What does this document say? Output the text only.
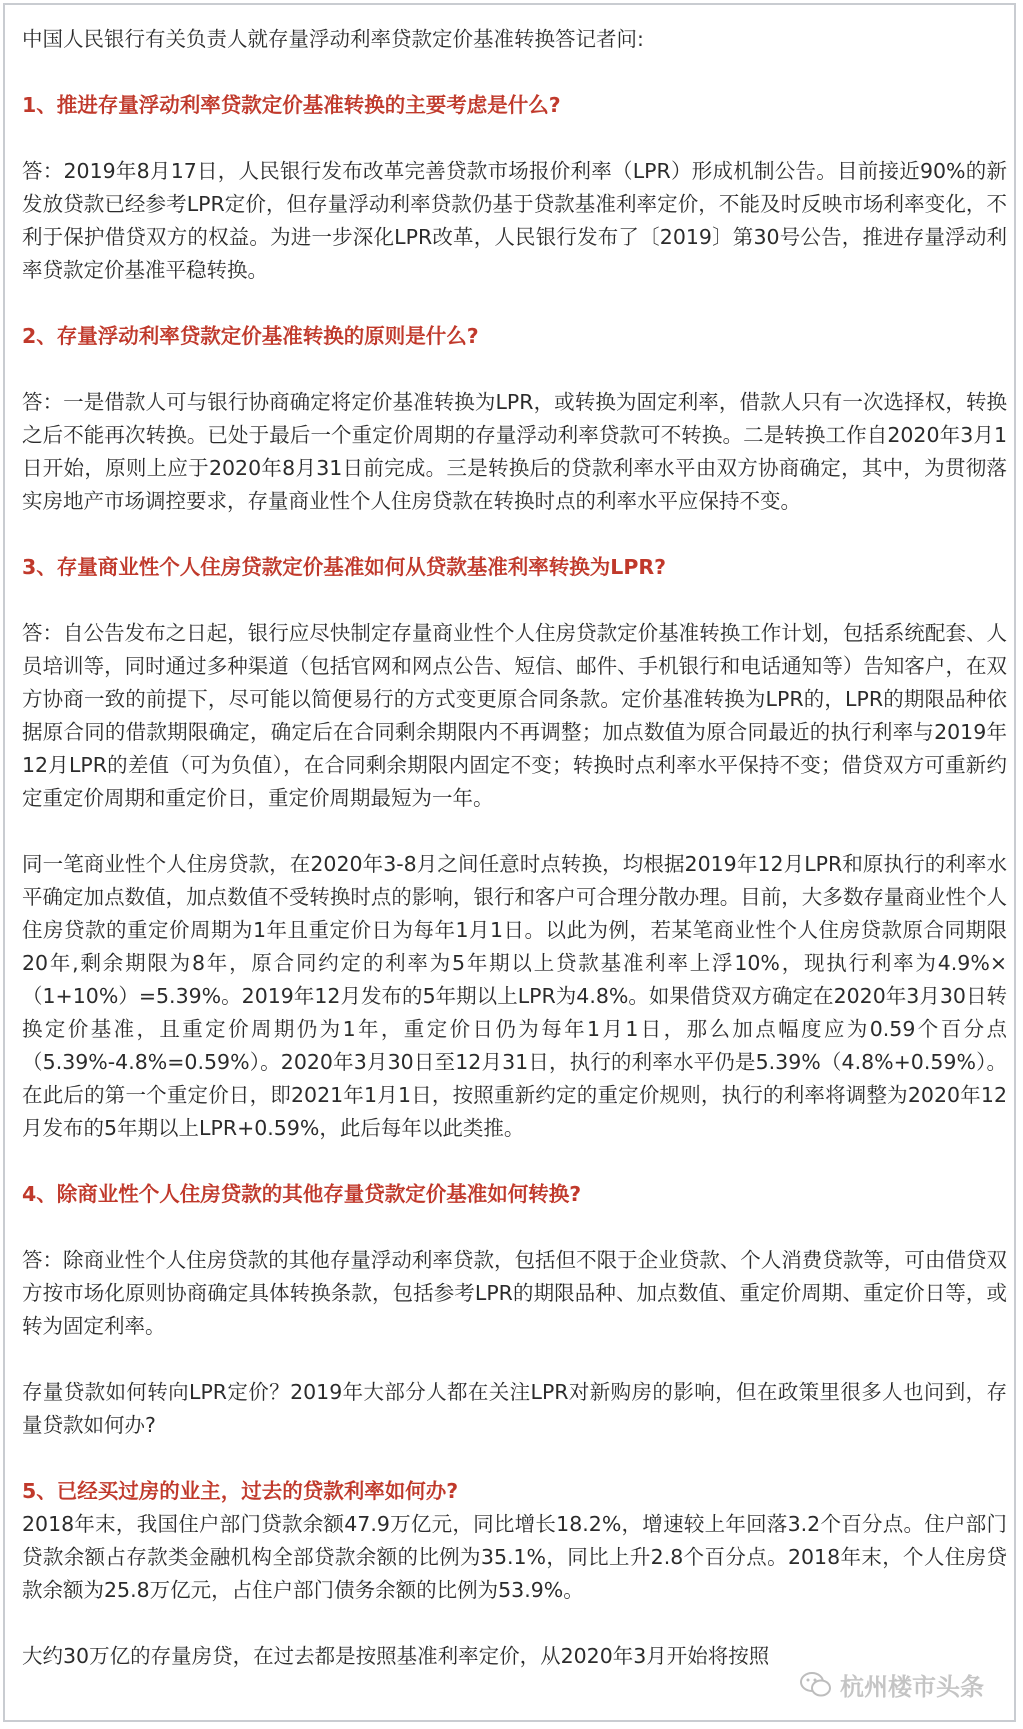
中国人民银行有关负责人就存量浮动利率贷款定价基准转换答记者问:

1、推进存量浮动利率贷款定价基准转换的主要考虑是什么?

答：2019年8月17日，人民银行发布改革完善贷款市场报价利率（LPR）形成机制公告。目前接近90%的新发放贷款已经参考LPR定价，但存量浮动利率贷款仍基于贷款基准利率定价，不能及时反映市场利率变化，不利于保护借贷双方的权益。为进一步深化LPR改革，人民银行发布了〔2019〕第30号公告，推进存量浮动利率贷款定价基准平稳转换。

2、存量浮动利率贷款定价基准转换的原则是什么?

答：一是借款人可与银行协商确定将定价基准转换为LPR，或转换为固定利率，借款人只有一次选择权，转换之后不能再次转换。已处于最后一个重定价周期的存量浮动利率贷款可不转换。二是转换工作自2020年3月1日开始，原则上应于2020年8月31日前完成。三是转换后的贷款利率水平由双方协商确定，其中，为贯彻落实房地产市场调控要求，存量商业性个人住房贷款在转换时点的利率水平应保持不变。

3、存量商业性个人住房贷款定价基准如何从贷款基准利率转换为LPR?

答：自公告发布之日起，银行应尽快制定存量商业性个人住房贷款定价基准转换工作计划，包括系统配套、人员培训等，同时通过多种渠道（包括官网和网点公告、短信、邮件、手机银行和电话通知等）告知客户，在双方协商一致的前提下，尽可能以简便易行的方式变更原合同条款。定价基准转换为LPR的，LPR的期限品种依据原合同的借款期限确定，确定后在合同剩余期限内不再调整；加点数值为原合同最近的执行利率与2019年12月LPR的差值（可为负值），在合同剩余期限内固定不变；转换时点利率水平保持不变；借贷双方可重新约定重定价周期和重定价日，重定价周期最短为一年。

同一笔商业性个人住房贷款，在2020年3-8月之间任意时点转换，均根据2019年12月LPR和原执行的利率水平确定加点数值，加点数值不受转换时点的影响，银行和客户可合理分散办理。目前，大多数存量商业性个人住房贷款的重定价周期为1年且重定价日为每年1月1日。以此为例，若某笔商业性个人住房贷款原合同期限20年,剩余期限为8年，原合同约定的利率为5年期以上贷款基准利率上浮10%，现执行利率为4.9%×（1+10%）=5.39%。2019年12月发布的5年期以上LPR为4.8%。如果借贷双方确定在2020年3月30日转换定价基准，且重定价周期仍为1年，重定价日仍为每年1月1日，那么加点幅度应为0.59个百分点（5.39%-4.8%=0.59%）。2020年3月30日至12月31日，执行的利率水平仍是5.39%（4.8%+0.59%）。在此后的第一个重定价日，即2021年1月1日，按照重新约定的重定价规则，执行的利率将调整为2020年12月发布的5年期以上LPR+0.59%，此后每年以此类推。

4、除商业性个人住房贷款的其他存量贷款定价基准如何转换?

答：除商业性个人住房贷款的其他存量浮动利率贷款，包括但不限于企业贷款、个人消费贷款等，可由借贷双方按市场化原则协商确定具体转换条款，包括参考LPR的期限品种、加点数值、重定价周期、重定价日等，或转为固定利率。

存量贷款如何转向LPR定价？2019年大部分人都在关注LPR对新购房的影响，但在政策里很多人也问到，存量贷款如何办?

5、已经买过房的业主，过去的贷款利率如何办?

2018年末，我国住户部门贷款余额47.9万亿元，同比增长18.2%，增速较上年回落3.2个百分点。住户部门贷款余额占存款类金融机构全部贷款余额的比例为35.1%，同比上升2.8个百分点。2018年末，个人住房贷款余额为25.8万亿元，占住户部门债务余额的比例为53.9%。

大约30万亿的存量房贷，在过去都是按照基准利率定价，从2020年3月开始将按照

杭州楼市头条
